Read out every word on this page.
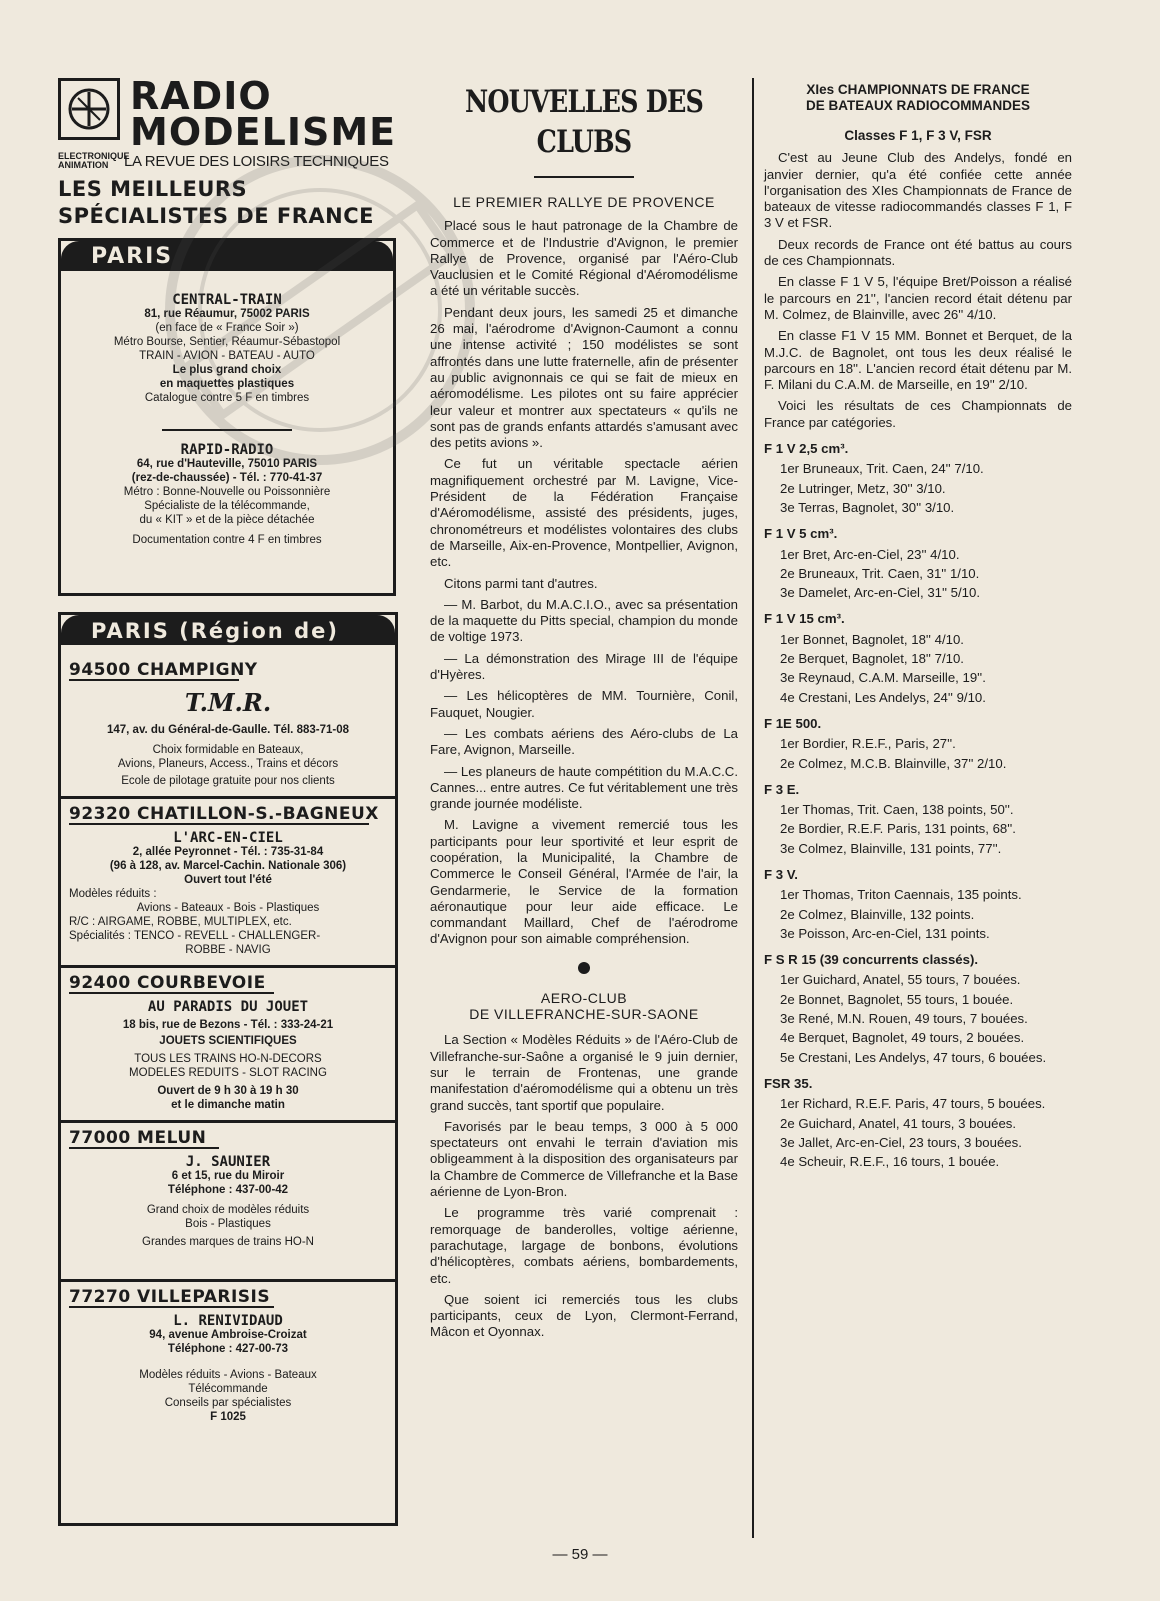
RADIO
MODELISME
ELECTRONIQUE ANIMATION	LA REVUE DES LOISIRS TECHNIQUES
LES MEILLEURS SPÉCIALISTES DE FRANCE
PARIS
CENTRAL-TRAIN
81, rue Réaumur, 75002 PARIS
(en face de « France Soir »)
Métro Bourse, Sentier, Réaumur-Sébastopol
TRAIN - AVION - BATEAU - AUTO
Le plus grand choix
en maquettes plastiques
Catalogue contre 5 F en timbres
RAPID-RADIO
64, rue d'Hauteville, 75010 PARIS
(rez-de-chaussée) - Tél. : 770-41-37
Métro : Bonne-Nouvelle ou Poissonnière
Spécialiste de la télécommande,
du « KIT » et de la pièce détachée
Documentation contre 4 F en timbres
PARIS (Région de)
94500 CHAMPIGNY
T.M.R.
147, av. du Général-de-Gaulle. Tél. 883-71-08
Choix formidable en Bateaux,
Avions, Planeurs, Access., Trains et décors
Ecole de pilotage gratuite pour nos clients
92320 CHATILLON-S.-BAGNEUX
L'ARC-EN-CIEL
2, allée Peyronnet - Tél. : 735-31-84
(96 à 128, av. Marcel-Cachin. Nationale 306)
Ouvert tout l'été
Modèles réduits :
Avions - Bateaux - Bois - Plastiques
R/C : AIRGAME, ROBBE, MULTIPLEX, etc.
Spécialités : TENCO - REVELL - CHALLENGER-
ROBBE - NAVIG
92400 COURBEVOIE
AU PARADIS DU JOUET
18 bis, rue de Bezons - Tél. : 333-24-21
JOUETS SCIENTIFIQUES
TOUS LES TRAINS HO-N-DECORS
MODELES REDUITS - SLOT RACING
Ouvert de 9 h 30 à 19 h 30
et le dimanche matin
77000 MELUN
J. SAUNIER
6 et 15, rue du Miroir
Téléphone : 437-00-42
Grand choix de modèles réduits
Bois - Plastiques
Grandes marques de trains HO-N
77270 VILLEPARISIS
L. RENIVIDAUD
94, avenue Ambroise-Croizat
Téléphone : 427-00-73
Modèles réduits - Avions - Bateaux
Télécommande
Conseils par spécialistes
F 1025
NOUVELLES DES CLUBS
LE PREMIER RALLYE DE PROVENCE

Placé sous le haut patronage de la Chambre de Commerce et de l'Industrie d'Avignon, le premier Rallye de Provence, organisé par l'Aéro-Club Vauclusien et le Comité Régional d'Aéromodélisme a été un véritable succès.

Pendant deux jours, les samedi 25 et dimanche 26 mai, l'aérodrome d'Avignon-Caumont a connu une intense activité ; 150 modélistes se sont affrontés dans une lutte fraternelle, afin de présenter au public avignonnais ce qui se fait de mieux en aéromodélisme. Les pilotes ont su faire apprécier leur valeur et montrer aux spectateurs « qu'ils ne sont pas de grands enfants attardés s'amusant avec des petits avions ».

Ce fut un véritable spectacle aérien magnifiquement orchestré par M. Lavigne, Vice-Président de la Fédération Française d'Aéromodélisme, assisté des présidents, juges, chronométreurs et modélistes volontaires des clubs de Marseille, Aix-en-Provence, Montpellier, Avignon, etc.

Citons parmi tant d'autres.

— M. Barbot, du M.A.C.I.O., avec sa présentation de la maquette du Pitts special, champion du monde de voltige 1973.

— La démonstration des Mirage III de l'équipe d'Hyères.

— Les hélicoptères de MM. Tournière, Conil, Fauquet, Nougier.

— Les combats aériens des Aéro-clubs de La Fare, Avignon, Marseille.

— Les planeurs de haute compétition du M.A.C.C. Cannes... entre autres. Ce fut véritablement une très grande journée modéliste.

M. Lavigne a vivement remercié tous les participants pour leur sportivité et leur esprit de coopération, la Municipalité, la Chambre de Commerce le Conseil Général, l'Armée de l'air, la Gendarmerie, le Service de la formation aéronautique pour leur aide efficace. Le commandant Maillard, Chef de l'aérodrome d'Avignon pour son aimable compréhension.

AERO-CLUB
DE VILLEFRANCHE-SUR-SAONE

La Section « Modèles Réduits » de l'Aéro-Club de Villefranche-sur-Saône a organisé le 9 juin dernier, sur le terrain de Frontenas, une grande manifestation d'aéromodélisme qui a obtenu un très grand succès, tant sportif que populaire.

Favorisés par le beau temps, 3 000 à 5 000 spectateurs ont envahi le terrain d'aviation mis obligeamment à la disposition des organisateurs par la Chambre de Commerce de Villefranche et la Base aérienne de Lyon-Bron.

Le programme très varié comprenait : remorquage de banderolles, voltige aérienne, parachutage, largage de bonbons, évolutions d'hélicoptères, combats aériens, bombardements, etc.

Que soient ici remerciés tous les clubs participants, ceux de Lyon, Clermont-Ferrand, Mâcon et Oyonnax.

XIes CHAMPIONNATS DE FRANCE
DE BATEAUX RADIOCOMMANDES
Classes F 1, F 3 V, FSR

C'est au Jeune Club des Andelys, fondé en janvier dernier, qu'a été confiée cette année l'organisation des XIes Championnats de France de bateaux de vitesse radiocommandés classes F 1, F 3 V et FSR.

Deux records de France ont été battus au cours de ces Championnats.

En classe F 1 V 5, l'équipe Bret/Poisson a réalisé le parcours en 21'', l'ancien record était détenu par M. Colmez, de Blainville, avec 26'' 4/10.

En classe F1 V 15 MM. Bonnet et Berquet, de la M.J.C. de Bagnolet, ont tous les deux réalisé le parcours en 18''. L'ancien record était détenu par M. F. Milani du C.A.M. de Marseille, en 19'' 2/10.

Voici les résultats de ces Championnats de France par catégories.

F 1 V 2,5 cm³.
1er Bruneaux, Trit. Caen, 24'' 7/10.
2e Lutringer, Metz, 30'' 3/10.
3e Terras, Bagnolet, 30'' 3/10.
F 1 V 5 cm³.
1er Bret, Arc-en-Ciel, 23'' 4/10.
2e Bruneaux, Trit. Caen, 31'' 1/10.
3e Damelet, Arc-en-Ciel, 31'' 5/10.
F 1 V 15 cm³.
1er Bonnet, Bagnolet, 18'' 4/10.
2e Berquet, Bagnolet, 18'' 7/10.
3e Reynaud, C.A.M. Marseille, 19''.
4e Crestani, Les Andelys, 24'' 9/10.
F 1E 500.
1er Bordier, R.E.F., Paris, 27''.
2e Colmez, M.C.B. Blainville, 37'' 2/10.
F 3 E.
1er Thomas, Trit. Caen, 138 points, 50''.
2e Bordier, R.E.F. Paris, 131 points, 68''.
3e Colmez, Blainville, 131 points, 77''.
F 3 V.
1er Thomas, Triton Caennais, 135 points.
2e Colmez, Blainville, 132 points.
3e Poisson, Arc-en-Ciel, 131 points.
F S R 15 (39 concurrents classés).
1er Guichard, Anatel, 55 tours, 7 bouées.
2e Bonnet, Bagnolet, 55 tours, 1 bouée.
3e René, M.N. Rouen, 49 tours, 7 bouées.
4e Berquet, Bagnolet, 49 tours, 2 bouées.
5e Crestani, Les Andelys, 47 tours, 6 bouées.
FSR 35.
1er Richard, R.E.F. Paris, 47 tours, 5 bouées.
2e Guichard, Anatel, 41 tours, 3 bouées.
3e Jallet, Arc-en-Ciel, 23 tours, 3 bouées.
4e Scheuir, R.E.F., 16 tours, 1 bouée.
— 59 —
